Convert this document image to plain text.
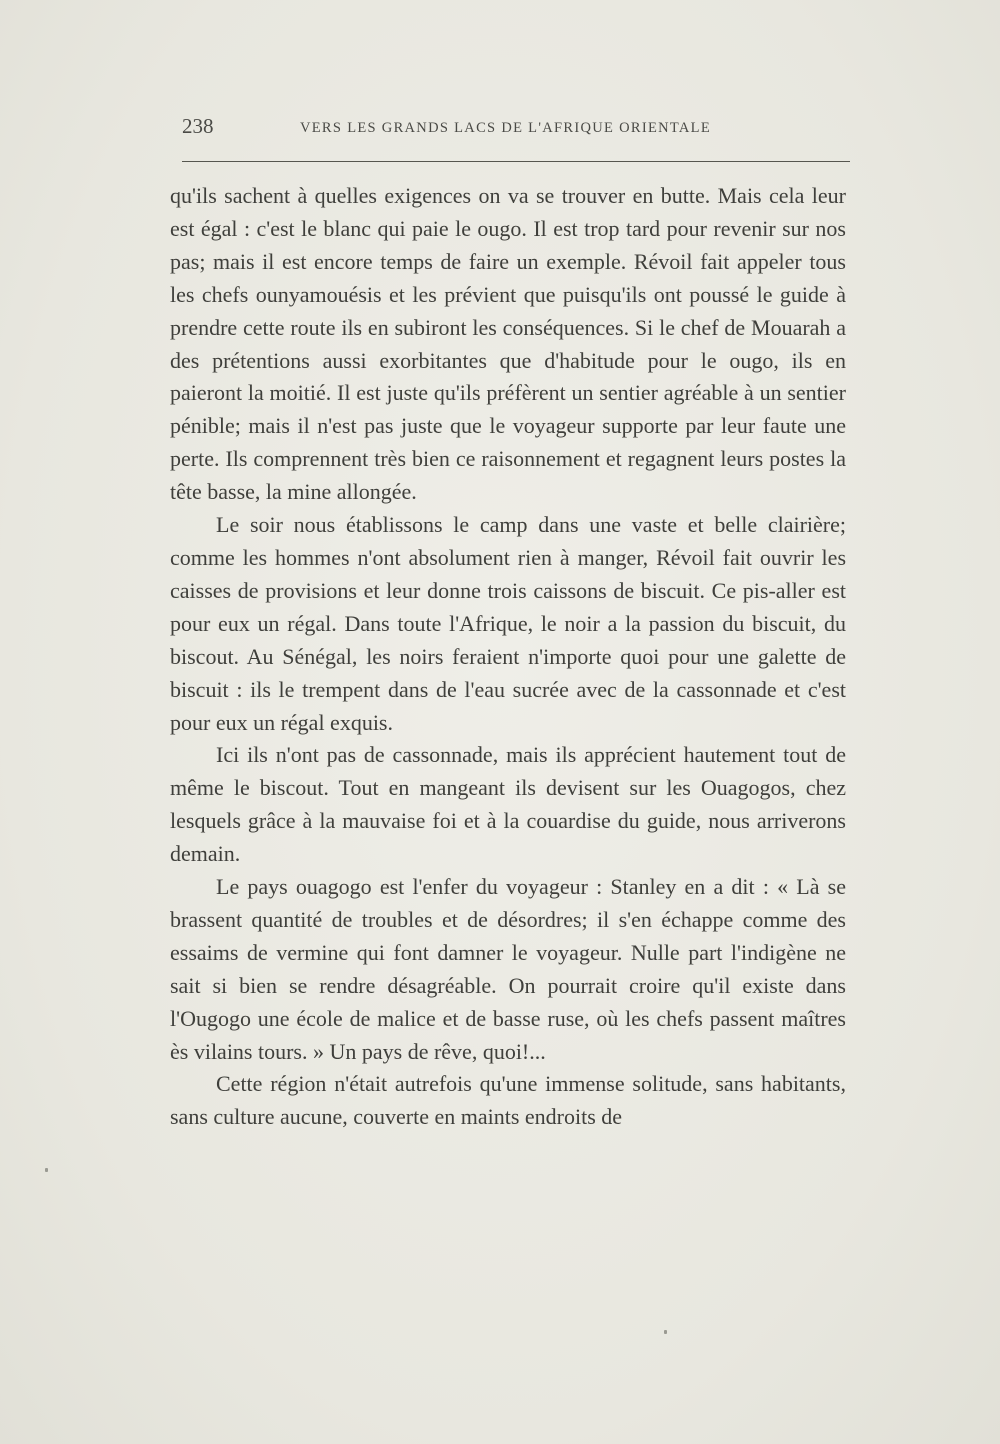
238	VERS LES GRANDS LACS DE L'AFRIQUE ORIENTALE

qu'ils sachent à quelles exigences on va se trouver en butte. Mais cela leur est égal : c'est le blanc qui paie le ougo. Il est trop tard pour revenir sur nos pas; mais il est encore temps de faire un exemple. Révoil fait appeler tous les chefs ounyamouésis et les prévient que puisqu'ils ont poussé le guide à prendre cette route ils en subiront les conséquences. Si le chef de Mouarah a des prétentions aussi exorbitantes que d'habitude pour le ougo, ils en paieront la moitié. Il est juste qu'ils préfèrent un sentier agréable à un sentier pénible; mais il n'est pas juste que le voyageur supporte par leur faute une perte. Ils comprennent très bien ce raisonnement et regagnent leurs postes la tête basse, la mine allongée.

Le soir nous établissons le camp dans une vaste et belle clairière; comme les hommes n'ont absolument rien à manger, Révoil fait ouvrir les caisses de provisions et leur donne trois caissons de biscuit. Ce pis-aller est pour eux un régal. Dans toute l'Afrique, le noir a la passion du biscuit, du biscout. Au Sénégal, les noirs feraient n'importe quoi pour une galette de biscuit : ils le trempent dans de l'eau sucrée avec de la cassonnade et c'est pour eux un régal exquis.

Ici ils n'ont pas de cassonnade, mais ils apprécient hautement tout de même le biscout. Tout en mangeant ils devisent sur les Ouagogos, chez lesquels grâce à la mauvaise foi et à la couardise du guide, nous arriverons demain.

Le pays ouagogo est l'enfer du voyageur : Stanley en a dit : « Là se brassent quantité de troubles et de désordres; il s'en échappe comme des essaims de vermine qui font damner le voyageur. Nulle part l'indigène ne sait si bien se rendre désagréable. On pourrait croire qu'il existe dans l'Ougogo une école de malice et de basse ruse, où les chefs passent maîtres ès vilains tours. » Un pays de rêve, quoi!...

Cette région n'était autrefois qu'une immense solitude, sans habitants, sans culture aucune, couverte en maints endroits de
